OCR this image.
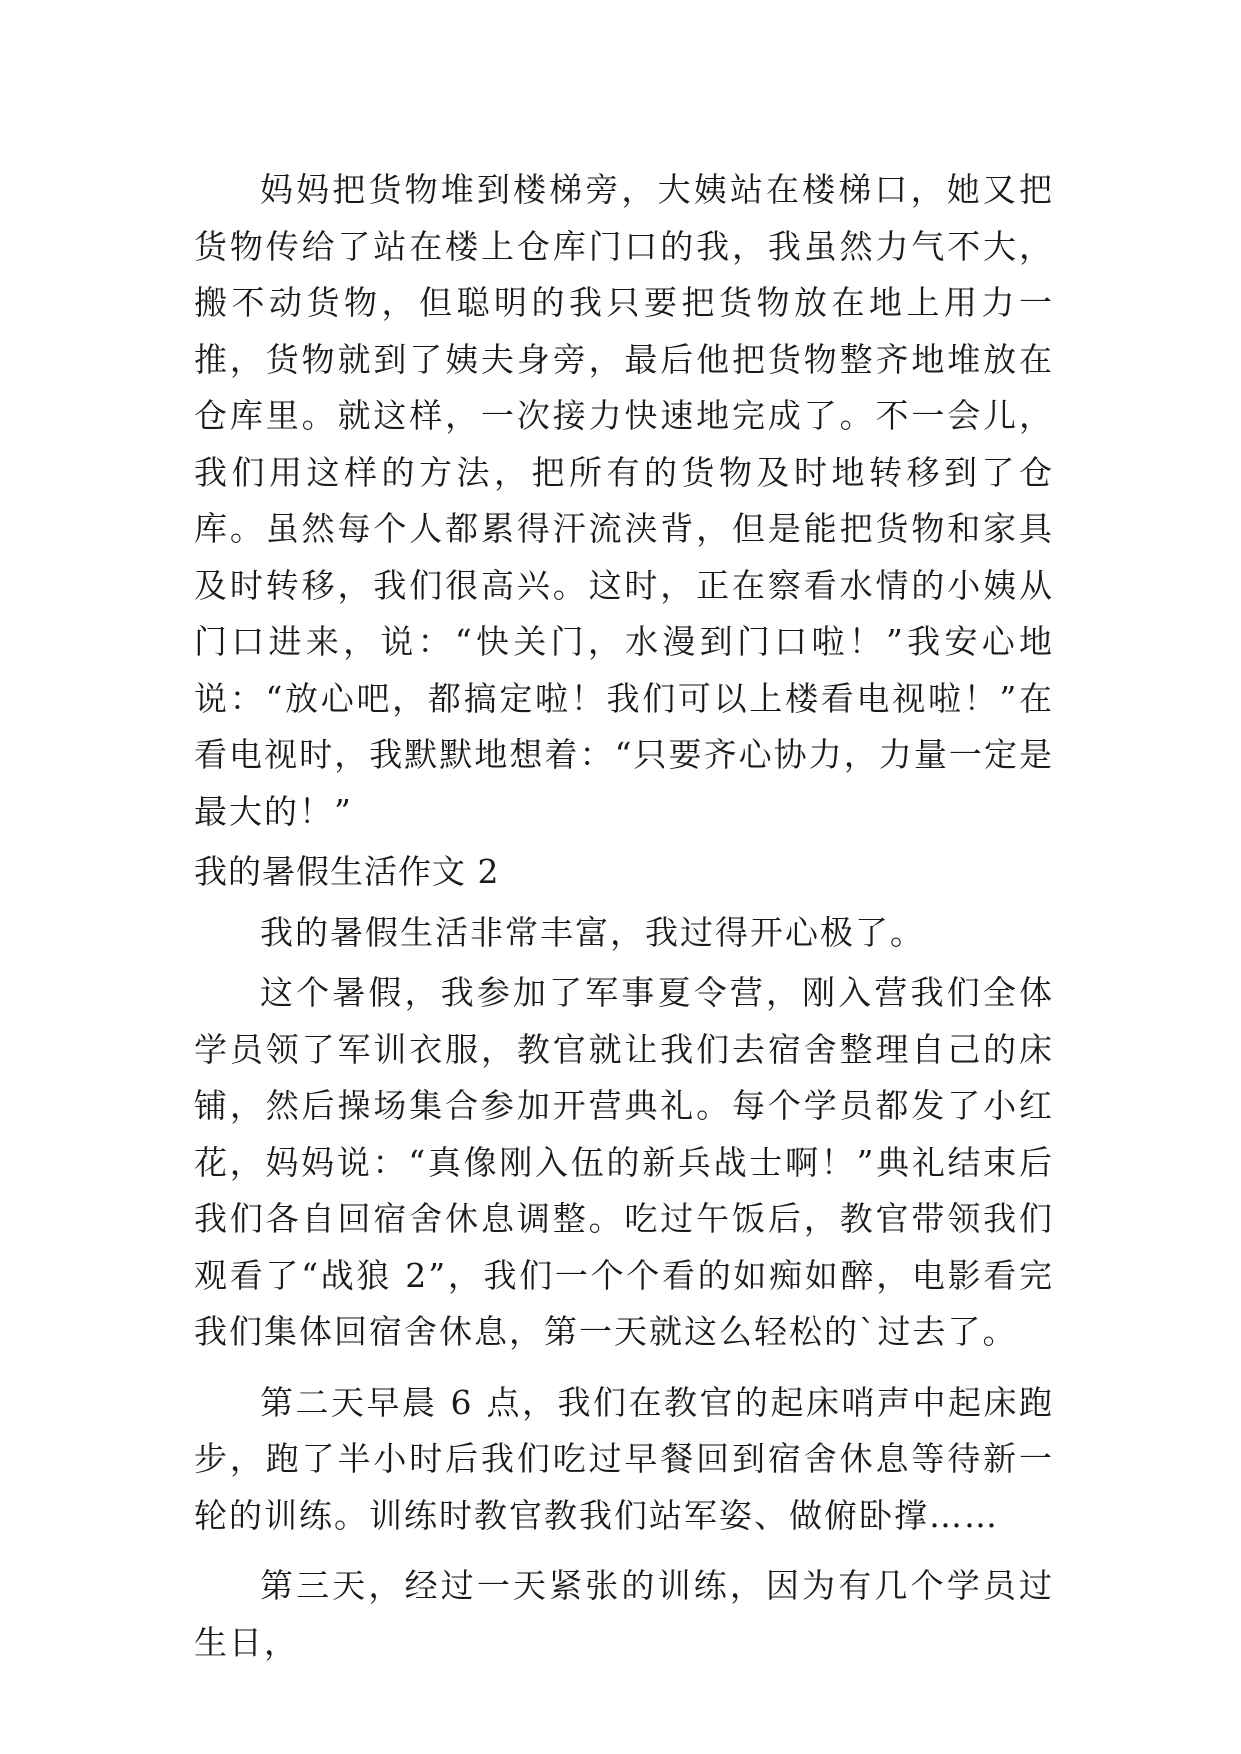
妈妈把货物堆到楼梯旁，大姨站在楼梯口，她又把货物传给了站在楼上仓库门口的我，我虽然力气不大，搬不动货物，但聪明的我只要把货物放在地上用力一推，货物就到了姨夫身旁，最后他把货物整齐地堆放在仓库里。就这样，一次接力快速地完成了。不一会儿，我们用这样的方法，把所有的货物及时地转移到了仓库。虽然每个人都累得汗流浃背，但是能把货物和家具及时转移，我们很高兴。这时，正在察看水情的小姨从门口进来，说：“快关门，水漫到门口啦！”我安心地说：“放心吧，都搞定啦！我们可以上楼看电视啦！”在看电视时，我默默地想着：“只要齐心协力，力量一定是最大的！”

我的暑假生活作文 2

我的暑假生活非常丰富，我过得开心极了。

这个暑假，我参加了军事夏令营，刚入营我们全体学员领了军训衣服，教官就让我们去宿舍整理自己的床铺，然后操场集合参加开营典礼。每个学员都发了小红花，妈妈说：“真像刚入伍的新兵战士啊！”典礼结束后我们各自回宿舍休息调整。吃过午饭后，教官带领我们观看了“战狼 2”，我们一个个看的如痴如醉，电影看完我们集体回宿舍休息，第一天就这么轻松的`过去了。

第二天早晨 6 点，我们在教官的起床哨声中起床跑步，跑了半小时后我们吃过早餐回到宿舍休息等待新一轮的训练。训练时教官教我们站军姿、做俯卧撑……

第三天，经过一天紧张的训练，因为有几个学员过生日，
